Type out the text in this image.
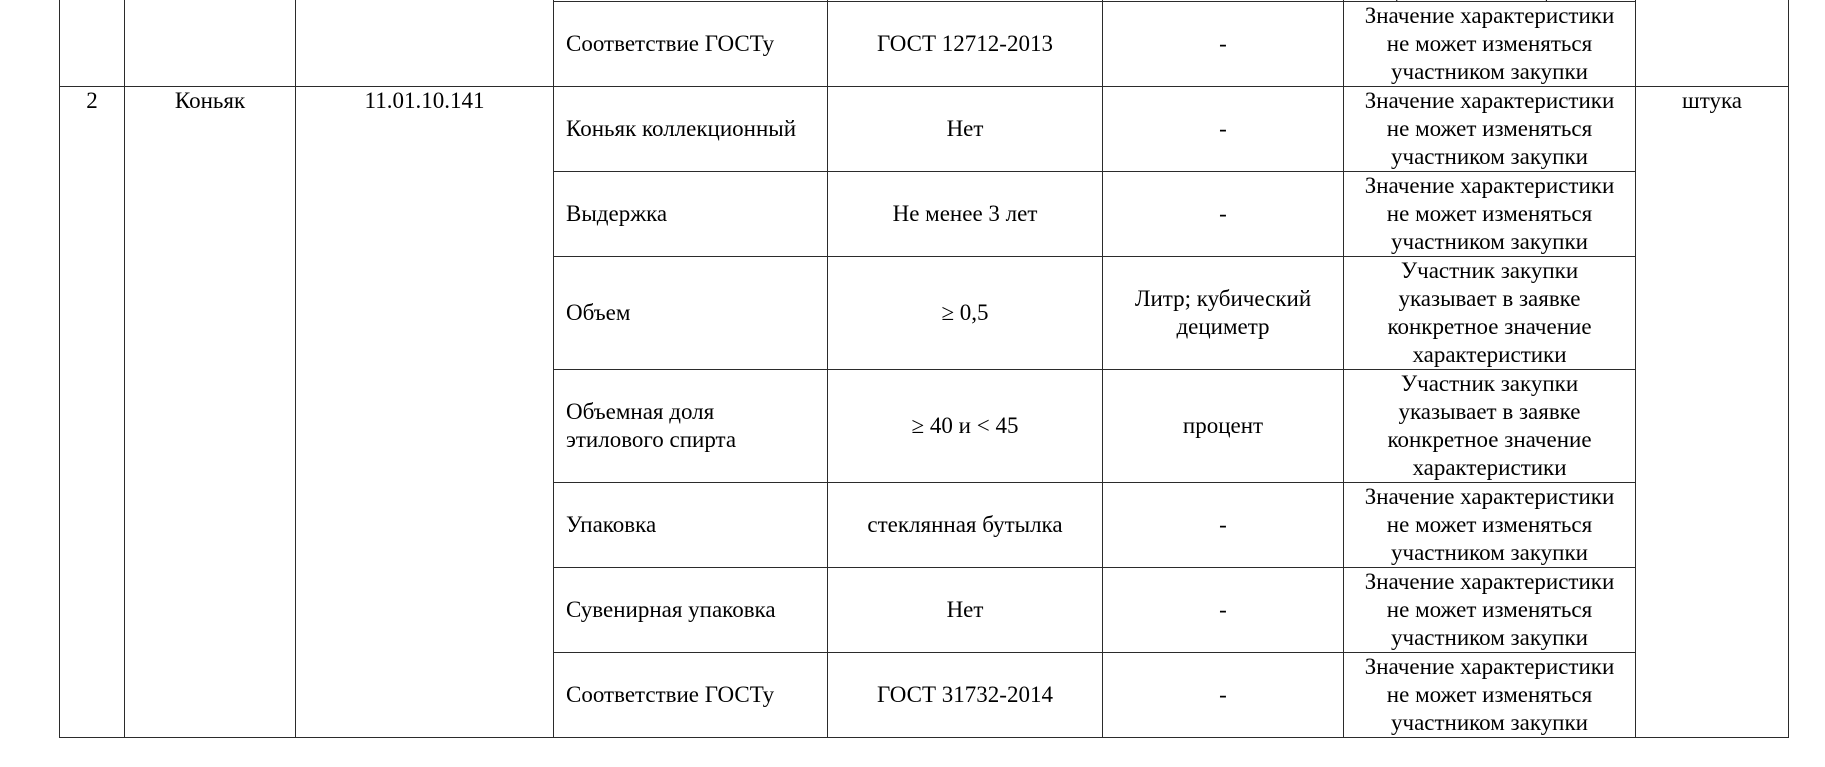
			Соответствие ГОСТу	ГОСТ 12712-2013	-	Значение характеристики не может изменяться участником закупки	
2	Коньяк	11.01.10.141	Коньяк коллекционный	Нет	-	Значение характеристики не может изменяться участником закупки	штука
			Выдержка	Не менее 3 лет	-	Значение характеристики не может изменяться участником закупки	
			Объем	≥ 0,5	Литр; кубический дециметр	Участник закупки указывает в заявке конкретное значение характеристики	
			Объемная доля этилового спирта	≥ 40 и < 45	процент	Участник закупки указывает в заявке конкретное значение характеристики	
			Упаковка	стеклянная бутылка	-	Значение характеристики не может изменяться участником закупки	
			Сувенирная упаковка	Нет	-	Значение характеристики не может изменяться участником закупки	
			Соответствие ГОСТу	ГОСТ 31732-2014	-	Значение характеристики не может изменяться участником закупки	
